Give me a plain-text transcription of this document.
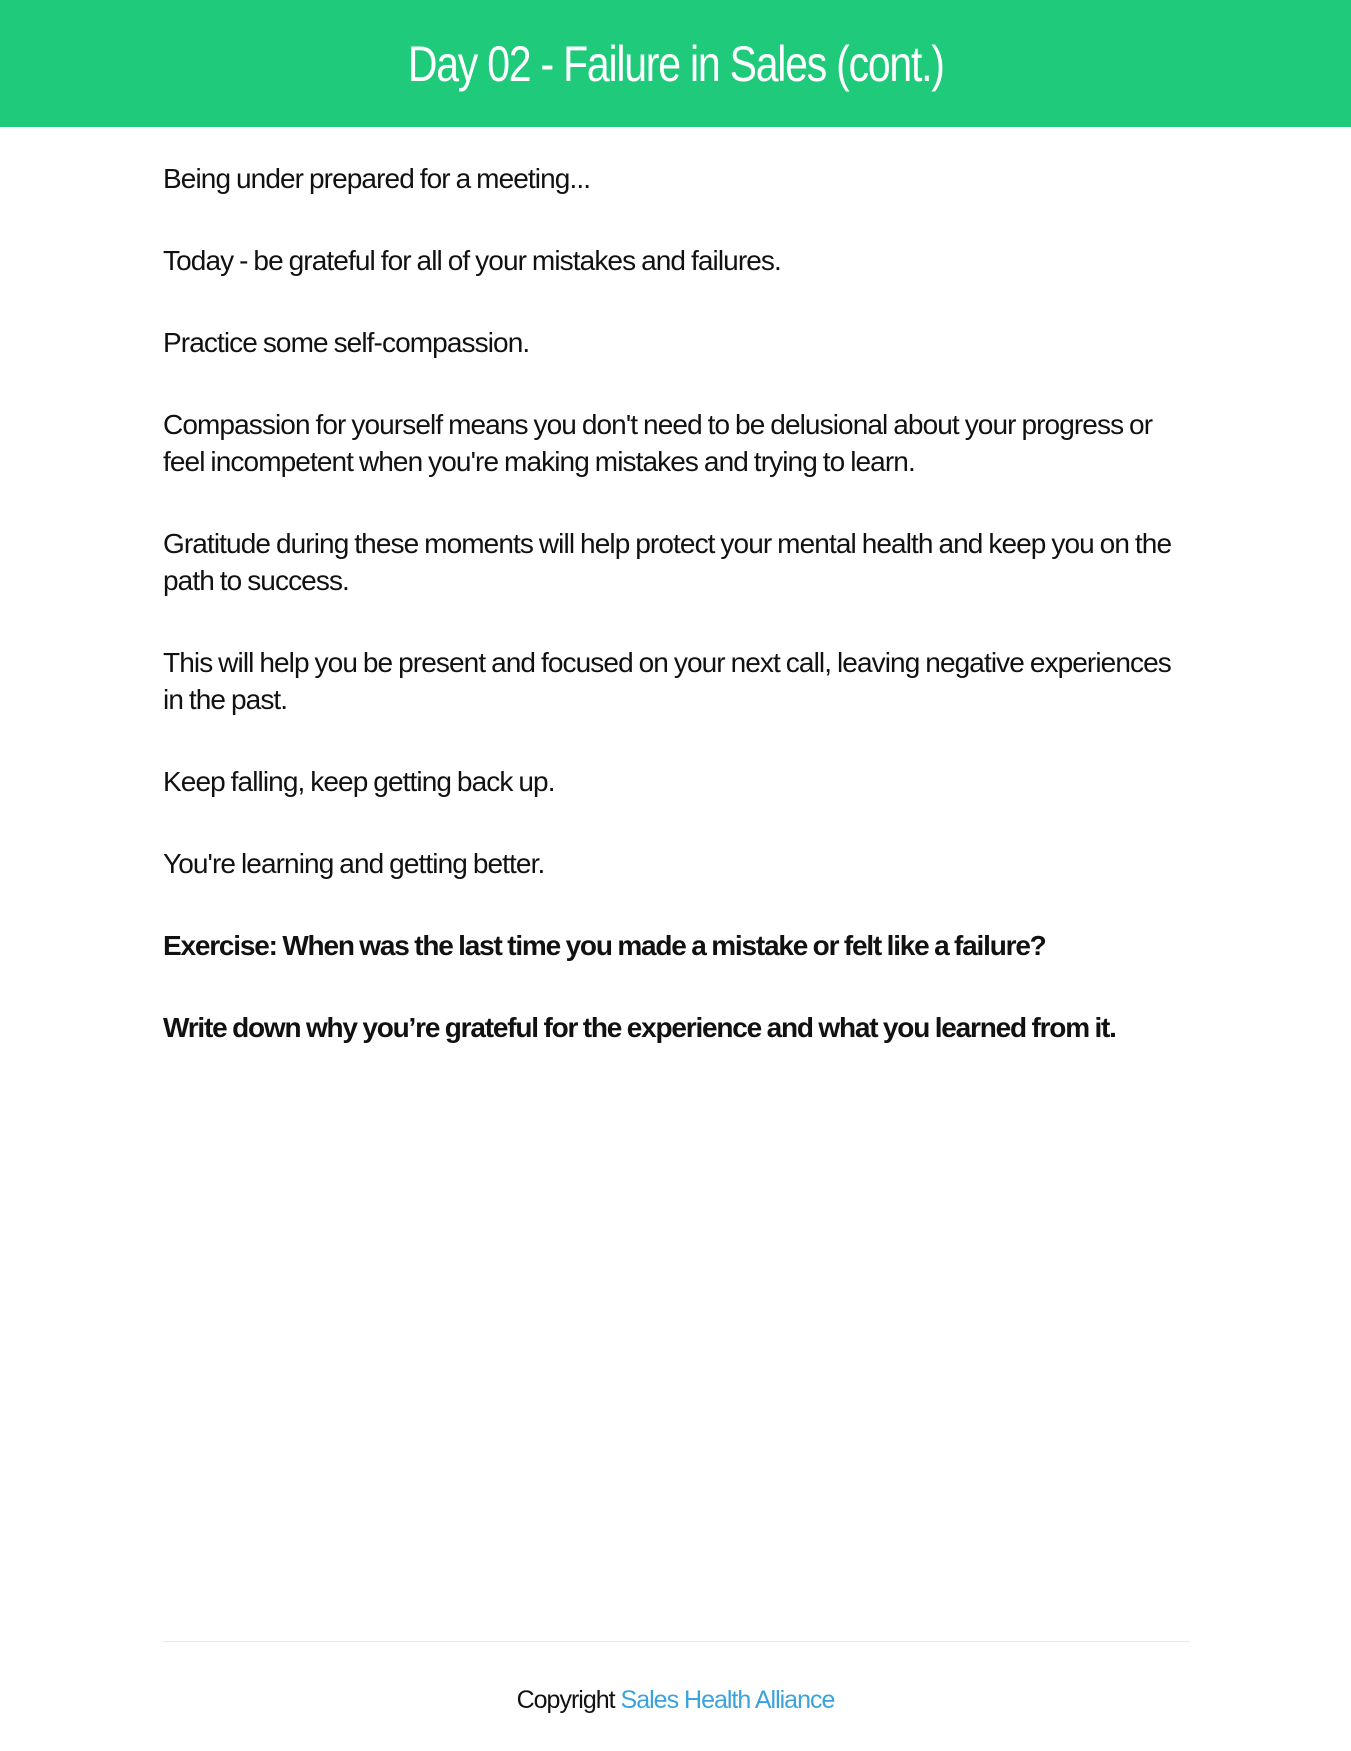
Day 02 - Failure in Sales (cont.)

Being under prepared for a meeting...

Today - be grateful for all of your mistakes and failures.

Practice some self-compassion.

Compassion for yourself means you don't need to be delusional about your progress or feel incompetent when you're making mistakes and trying to learn.

Gratitude during these moments will help protect your mental health and keep you on the path to success.

This will help you be present and focused on your next call, leaving negative experiences in the past.

Keep falling, keep getting back up.

You're learning and getting better.

Exercise: When was the last time you made a mistake or felt like a failure?

Write down why you’re grateful for the experience and what you learned from it.

Copyright Sales Health Alliance
